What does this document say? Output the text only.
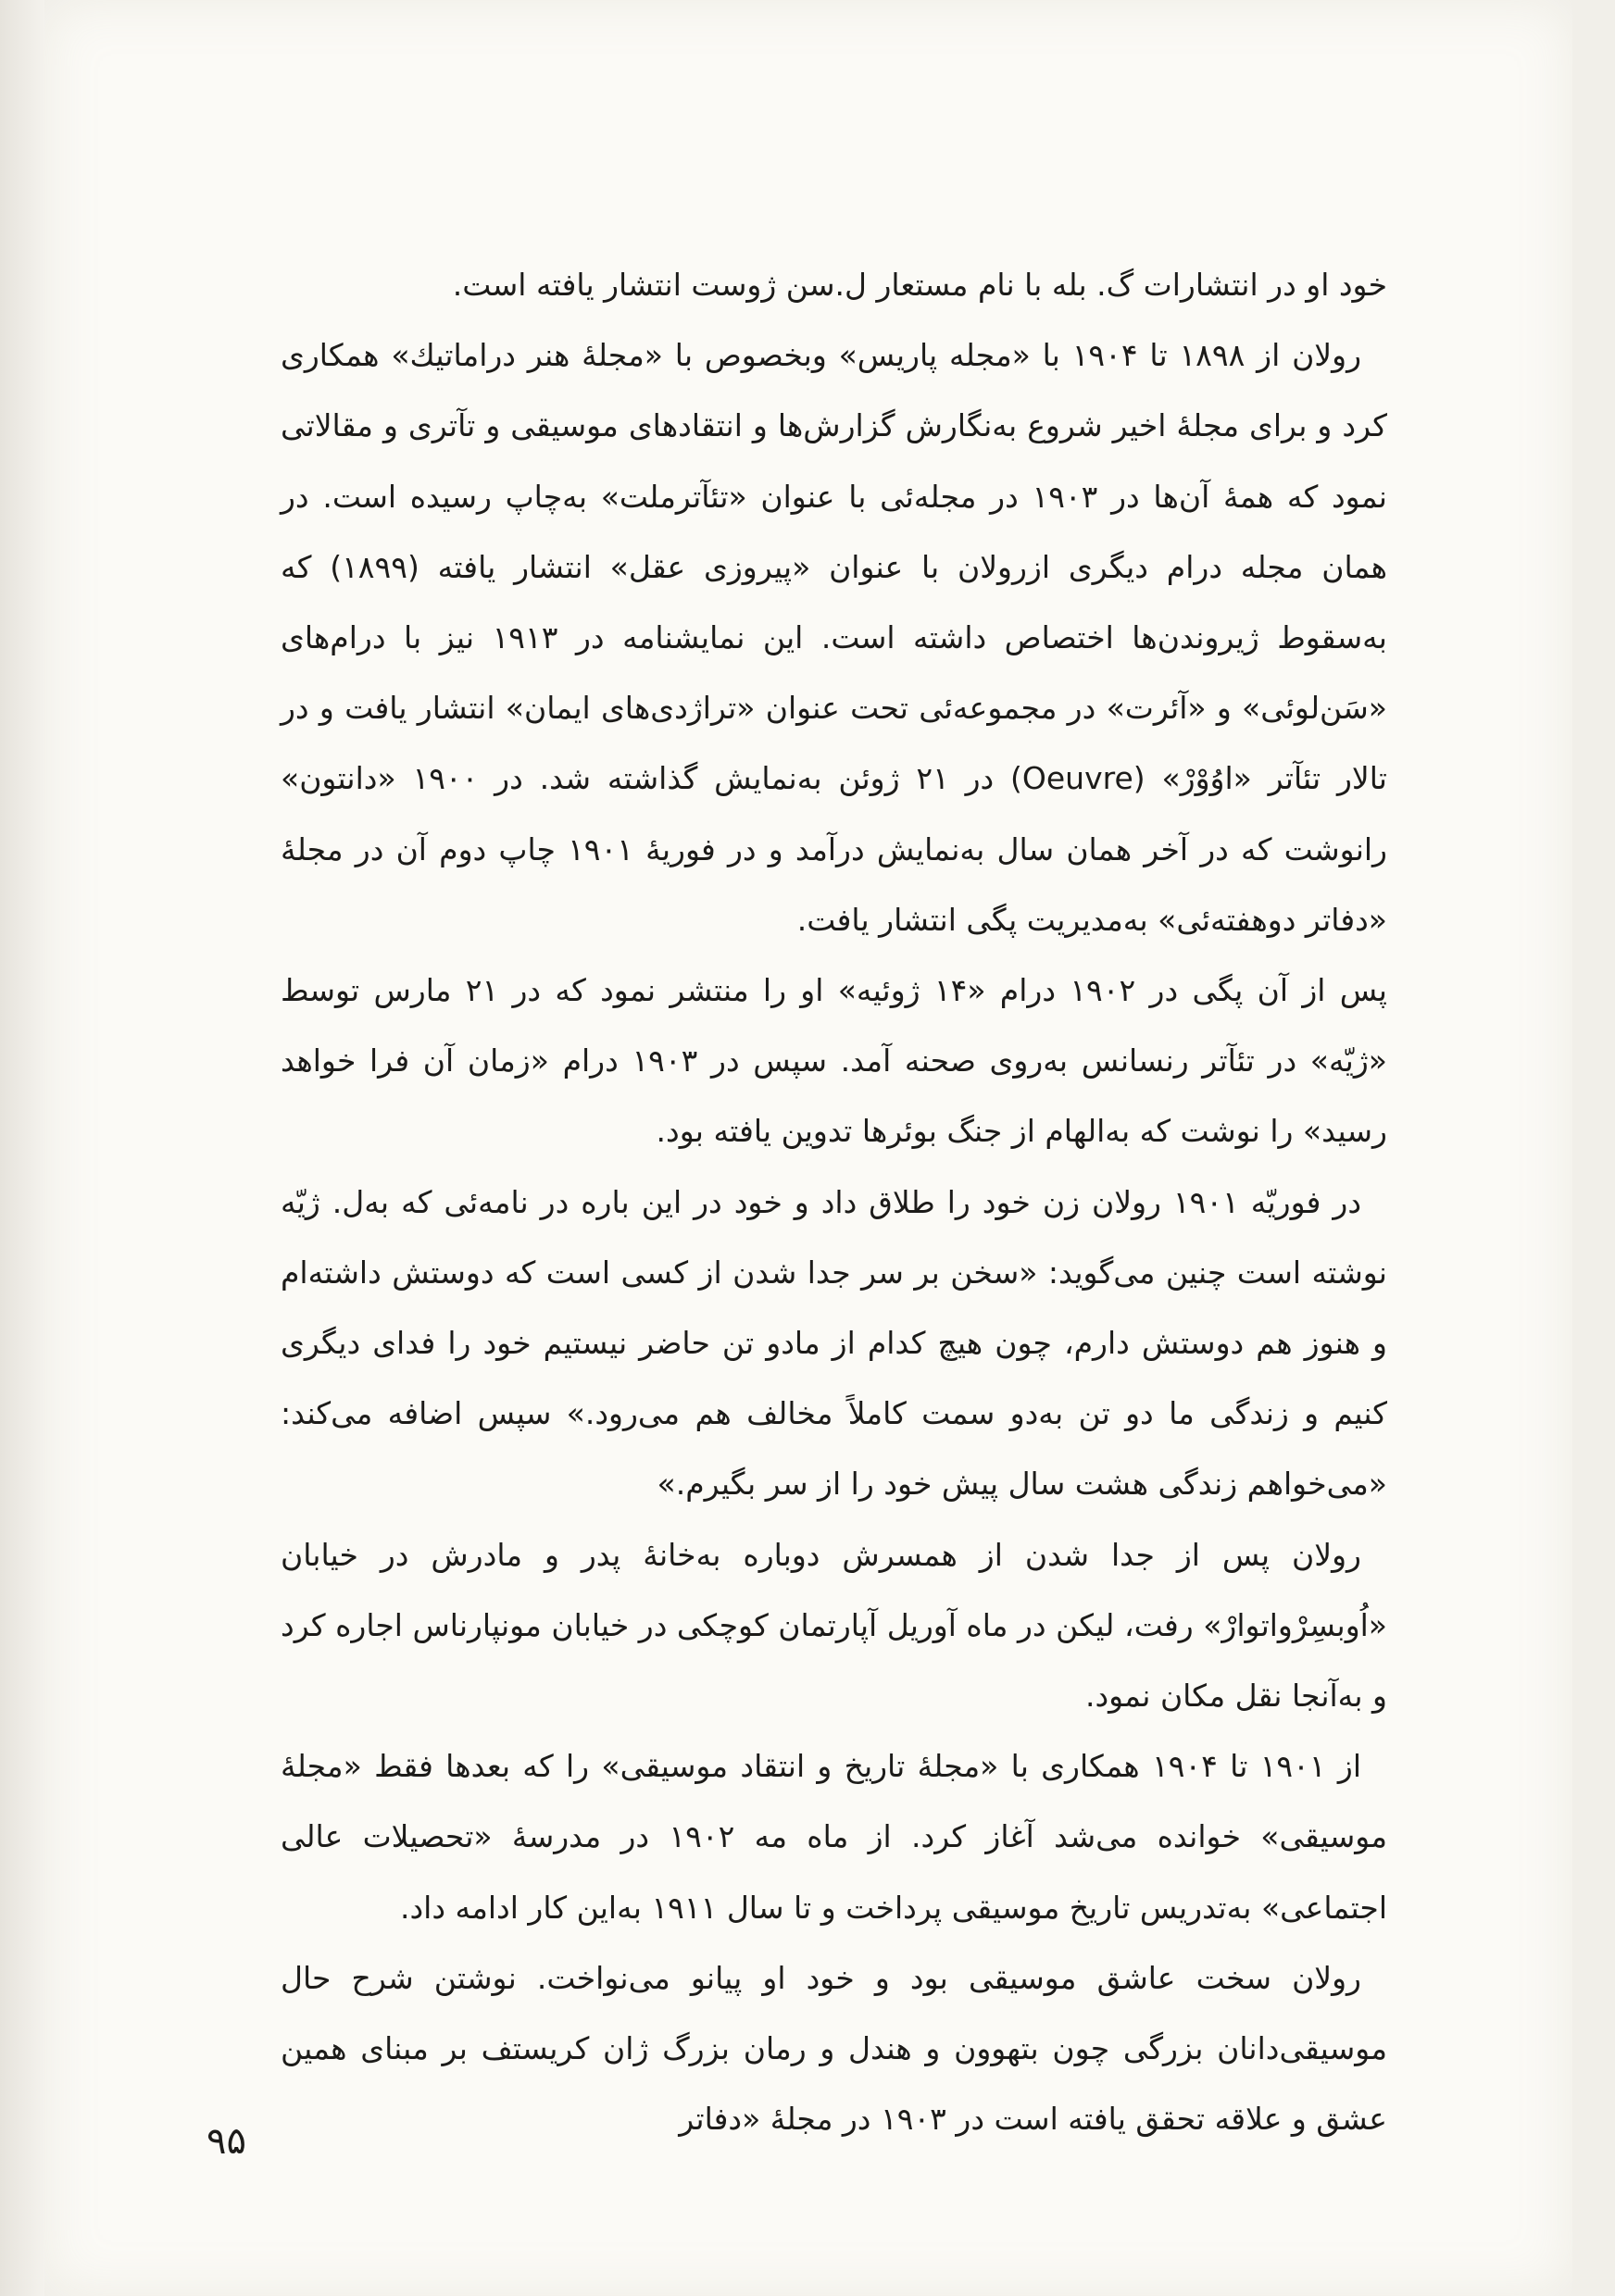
خود او در انتشارات گ. بله با نام مستعار ل.سن ژوست انتشار یافته است.

رولان از ۱۸۹۸ تا ۱۹۰۴ با «مجله پاریس» وبخصوص با «مجلهٔ هنر دراماتیك» همکاری کرد و برای مجلهٔ اخیر شروع به‌نگارش گزارش‌ها و انتقادهای موسیقی و تآتری و مقالاتی نمود که همهٔ آن‌ها در ۱۹۰۳ در مجله‌ئی با عنوان «تئآترملت» به‌چاپ رسیده است. در همان مجله درام دیگری ازرولان با عنوان «پیروزی عقل» انتشار یافته (۱۸۹۹) که به‌سقوط ژیروندن‌ها اختصاص داشته است. این نمایشنامه در ۱۹۱۳ نیز با درام‌های «سَن‌لوئی» و «آئرت» در مجموعه‌ئی تحت عنوان «تراژدی‌های ایمان» انتشار یافت و در تالار تئآتر «اوُوْرْ» (Oeuvre) در ۲۱ ژوئن به‌نمایش گذاشته شد. در ۱۹۰۰ «دانتون» رانوشت که در آخر همان سال به‌نمایش درآمد و در فوریهٔ ۱۹۰۱ چاپ دوم آن در مجلهٔ «دفاتر دوهفته‌ئی» به‌مدیریت پگی انتشار یافت.

پس از آن پگی در ۱۹۰۲ درام «۱۴ ژوئیه» او را منتشر نمود که در ۲۱ مارس توسط «ژیّه» در تئآتر رنسانس به‌روی صحنه آمد. سپس در ۱۹۰۳ درام «زمان آن فرا خواهد رسید» را نوشت که به‌الهام از جنگ بوئرها تدوین یافته بود.

در فوریّه ۱۹۰۱ رولان زن خود را طلاق داد و خود در این باره در نامه‌ئی که به‌ل. ژیّه نوشته است چنین می‌گوید: «سخن بر سر جدا شدن از کسی است که دوستش داشته‌ام و هنوز هم دوستش دارم، چون هیچ کدام از مادو تن حاضر نیستیم خود را فدای دیگری کنیم و زندگی ما دو تن به‌دو سمت کاملاً مخالف هم می‌رود.» سپس اضافه می‌کند: «می‌خواهم زندگی هشت سال پیش خود را از سر بگیرم.»

رولان پس از جدا شدن از همسرش دوباره به‌خانهٔ پدر و مادرش در خیابان «اُوبسِرْواتوارْ» رفت، لیکن در ماه آوریل آپارتمان کوچکی در خیابان مونپارناس اجاره کرد و به‌آنجا نقل مکان نمود.

از ۱۹۰۱ تا ۱۹۰۴ همکاری با «مجلهٔ تاریخ و انتقاد موسیقی» را که بعدها فقط «مجلهٔ موسیقی» خوانده می‌شد آغاز کرد. از ماه مه ۱۹۰۲ در مدرسهٔ «تحصیلات عالی اجتماعی» به‌تدریس تاریخ موسیقی پرداخت و تا سال ۱۹۱۱ به‌این کار ادامه داد.

رولان سخت عاشق موسیقی بود و خود او پیانو می‌نواخت. نوشتن شرح حال موسیقی‌دانان بزرگی چون بتهوون و هندل و رمان بزرگ ژان کریستف بر مبنای همین عشق و علاقه تحقق یافته است در ۱۹۰۳ در مجلهٔ «دفاتر

۹۵
